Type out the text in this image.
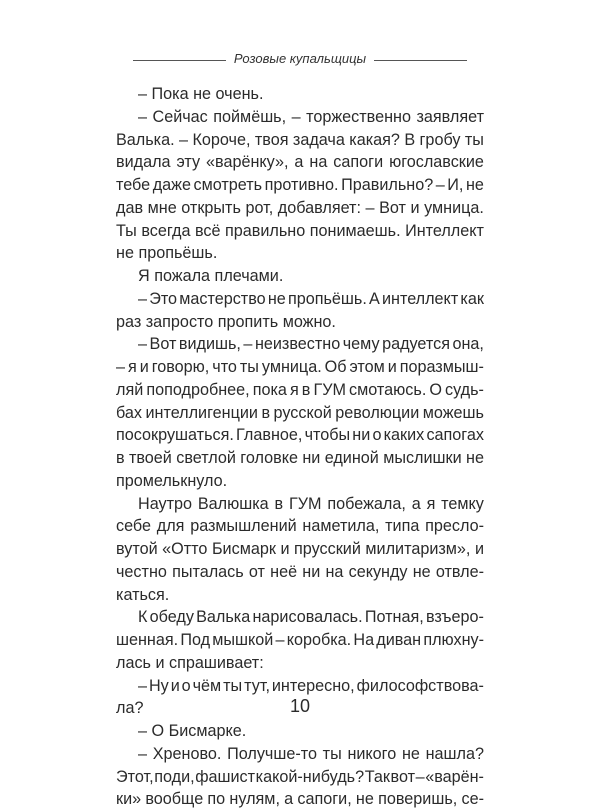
Розовые купальщицы
– Пока не очень.
– Сейчас поймёшь, – торжественно заявляет
Валька. – Короче, твоя задача какая? В гробу ты
видала эту «варёнку», а на сапоги югославские
тебе даже смотреть противно. Правильно? – И, не
дав мне открыть рот, добавляет: – Вот и умница.
Ты всегда всё правильно понимаешь. Интеллект
не пропьёшь.
Я пожала плечами.
– Это мастерство не пропьёшь. А интеллект как
раз запросто пропить можно.
– Вот видишь, – неизвестно чему радуется она,
– я и говорю, что ты умница. Об этом и поразмыш-
ляй поподробнее, пока я в ГУМ смотаюсь. О судь-
бах интеллигенции в русской революции можешь
посокрушаться. Главное, чтобы ни о каких сапогах
в твоей светлой головке ни единой мыслишки не
промелькнуло.
Наутро Валюшка в ГУМ побежала, а я темку
себе для размышлений наметила, типа пресло-
вутой «Отто Бисмарк и прусский милитаризм», и
честно пыталась от неё ни на секунду не отвле-
каться.
К обеду Валька нарисовалась. Потная, взъеро-
шенная. Под мышкой – коробка. На диван плюхну-
лась и спрашивает:
– Ну и о чём ты тут, интересно, философствова-
ла?
– О Бисмарке.
– Хреново. Получше-то ты никого не нашла?
Этот, поди, фашист какой-нибудь? Так вот – «варён-
ки» вообще по нулям, а сапоги, не поверишь, се-
10
